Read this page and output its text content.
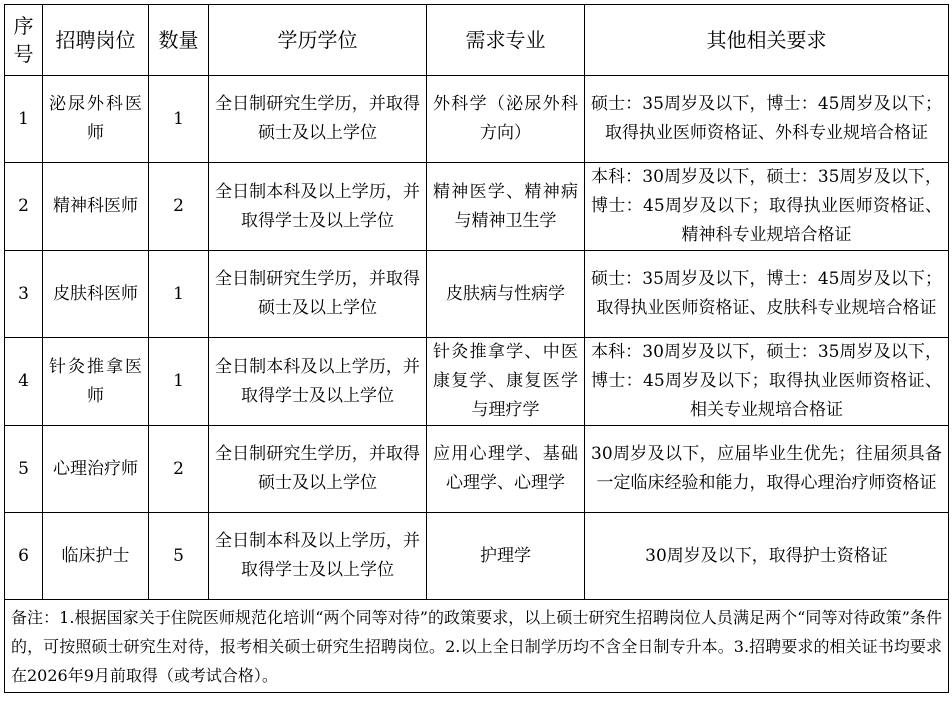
序号	招聘岗位	数量	学历学位	需求专业	其他相关要求
1	泌尿外科医师	1	全日制研究生学历，并取得硕士及以上学位	外科学（泌尿外科方向）	硕士：35周岁及以下，博士：45周岁及以下；取得执业医师资格证、外科专业规培合格证
2	精神科医师	2	全日制本科及以上学历，并取得学士及以上学位	精神医学、精神病与精神卫生学	本科：30周岁及以下，硕士：35周岁及以下，博士：45周岁及以下；取得执业医师资格证、精神科专业规培合格证
3	皮肤科医师	1	全日制研究生学历，并取得硕士及以上学位	皮肤病与性病学	硕士：35周岁及以下，博士：45周岁及以下；取得执业医师资格证、皮肤科专业规培合格证
4	针灸推拿医师	1	全日制本科及以上学历，并取得学士及以上学位	针灸推拿学、中医康复学、康复医学与理疗学	本科：30周岁及以下，硕士：35周岁及以下，博士：45周岁及以下；取得执业医师资格证、相关专业规培合格证
5	心理治疗师	2	全日制研究生学历，并取得硕士及以上学位	应用心理学、基础心理学、心理学	30周岁及以下，应届毕业生优先；往届须具备一定临床经验和能力，取得心理治疗师资格证
6	临床护士	5	全日制本科及以上学历，并取得学士及以上学位	护理学	30周岁及以下，取得护士资格证
备注：1.根据国家关于住院医师规范化培训“两个同等对待”的政策要求，以上硕士研究生招聘岗位人员满足两个“同等对待政策”条件的，可按照硕士研究生对待，报考相关硕士研究生招聘岗位。2.以上全日制学历均不含全日制专升本。3.招聘要求的相关证书均要求在2026年9月前取得（或考试合格）。					
